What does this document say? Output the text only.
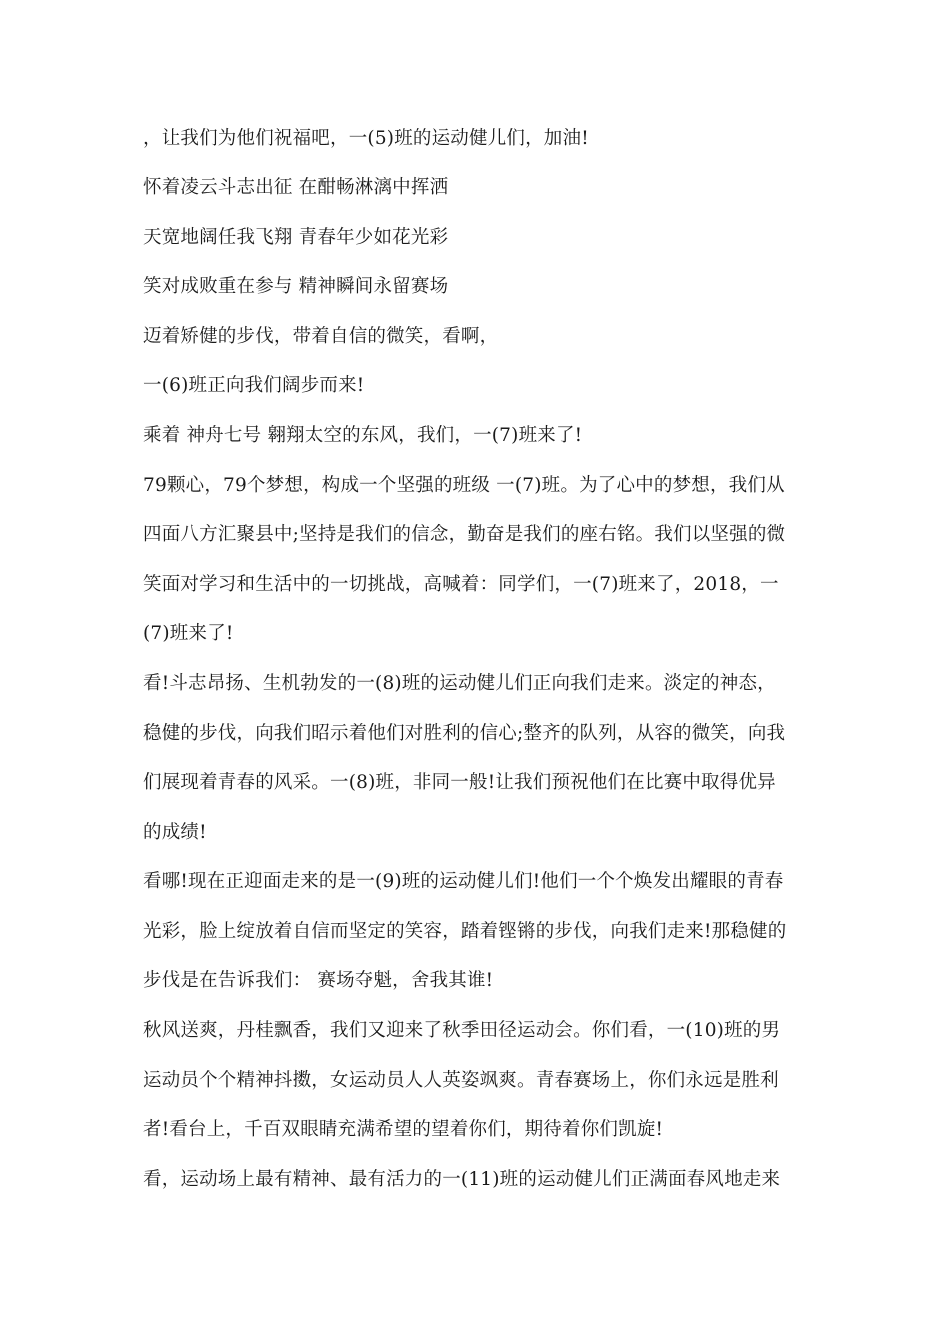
，让我们为他们祝福吧，一(5)班的运动健儿们，加油!
怀着凌云斗志出征 在酣畅淋漓中挥洒
天宽地阔任我飞翔 青春年少如花光彩
笑对成败重在参与 精神瞬间永留赛场
迈着矫健的步伐，带着自信的微笑，看啊，
一(6)班正向我们阔步而来!
乘着 神舟七号 翱翔太空的东风，我们，一(7)班来了!
79颗心，79个梦想，构成一个坚强的班级 一(7)班。为了心中的梦想，我们从
四面八方汇聚县中;坚持是我们的信念，勤奋是我们的座右铭。我们以坚强的微
笑面对学习和生活中的一切挑战，高喊着：同学们，一(7)班来了，2018，一
(7)班来了!
看!斗志昂扬、生机勃发的一(8)班的运动健儿们正向我们走来。淡定的神态，
稳健的步伐，向我们昭示着他们对胜利的信心;整齐的队列，从容的微笑，向我
们展现着青春的风采。一(8)班，非同一般!让我们预祝他们在比赛中取得优异
的成绩!
看哪!现在正迎面走来的是一(9)班的运动健儿们!他们一个个焕发出耀眼的青春
光彩，脸上绽放着自信而坚定的笑容，踏着铿锵的步伐，向我们走来!那稳健的
步伐是在告诉我们： 赛场夺魁，舍我其谁!
秋风送爽，丹桂飘香，我们又迎来了秋季田径运动会。你们看，一(10)班的男
运动员个个精神抖擞，女运动员人人英姿飒爽。青春赛场上，你们永远是胜利
者!看台上，千百双眼睛充满希望的望着你们，期待着你们凯旋!
看，运动场上最有精神、最有活力的一(11)班的运动健儿们正满面春风地走来
